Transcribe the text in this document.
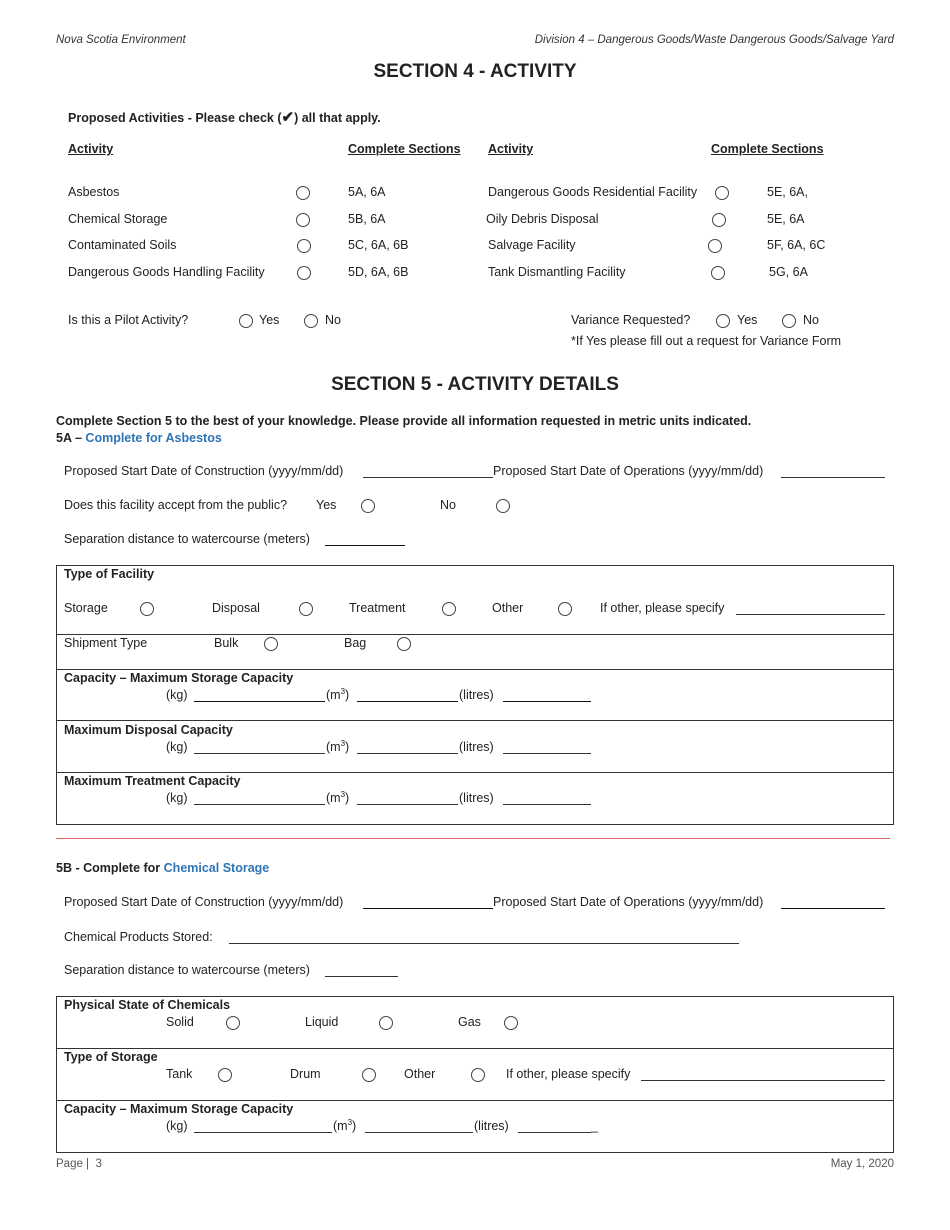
Nova Scotia Environment	Division 4 – Dangerous Goods/Waste Dangerous Goods/Salvage Yard
SECTION 4 - ACTIVITY
Proposed Activities - Please check (✔) all that apply.
Activity	Complete Sections Activity	Complete Sections
Asbestos	5A, 6A
Chemical Storage	5B, 6A
Contaminated Soils	5C, 6A, 6B
Dangerous Goods Handling Facility	5D, 6A, 6B
Dangerous Goods Residential Facility	5E, 6A,
Oily Debris Disposal	5E, 6A
Salvage Facility	5F, 6A, 6C
Tank Dismantling Facility	5G, 6A
Is this a Pilot Activity?	Yes	No	Variance Requested?	Yes	No
*If Yes please fill out a request for Variance Form
SECTION 5 - ACTIVITY DETAILS
Complete Section 5 to the best of your knowledge. Please provide all information requested in metric units indicated.
5A – Complete for Asbestos
Proposed Start Date of Construction (yyyy/mm/dd)	Proposed Start Date of Operations (yyyy/mm/dd)
Does this facility accept from the public? Yes	No
Separation distance to watercourse (meters)
Type of Facility
Storage	Disposal	Treatment	Other	If other, please specify
Shipment Type	Bulk	Bag
Capacity – Maximum Storage Capacity
(kg)	$(m^3)$	(litres)
Maximum Disposal Capacity
(kg)	$(m^3)$	(litres)
Maximum Treatment Capacity
(kg)	$(m^3)$	(litres)
5B - Complete for Chemical Storage
Proposed Start Date of Construction (yyyy/mm/dd)	Proposed Start Date of Operations (yyyy/mm/dd)
Chemical Products Stored:
Separation distance to watercourse (meters)
Physical State of Chemicals
Solid	Liquid	Gas
Type of Storage
Tank	Drum	Other	If other, please specify
Capacity – Maximum Storage Capacity
(kg)	$(m^3)$	(litres)	_
Page | 3	May 1, 2020
